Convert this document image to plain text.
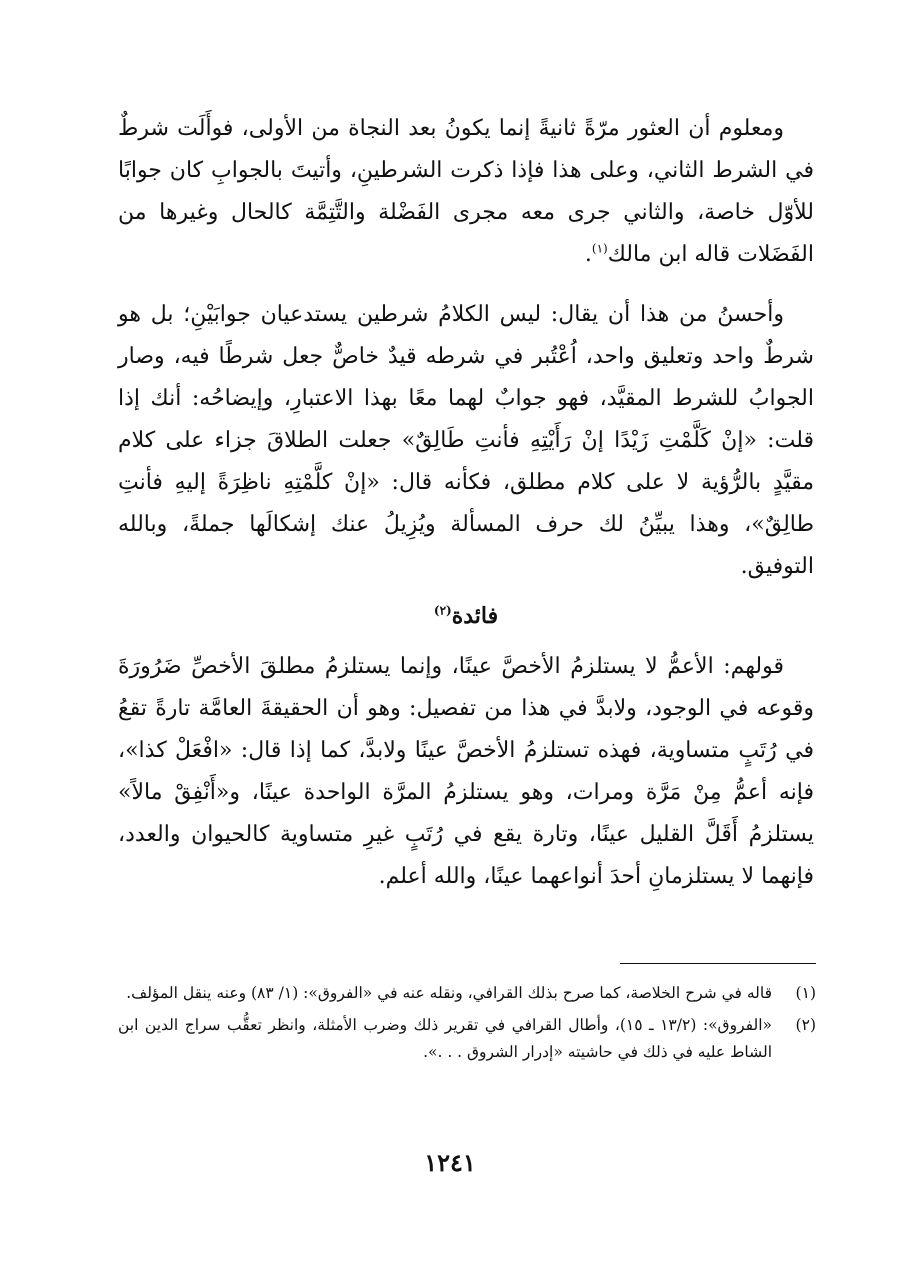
ومعلوم أن العثور مرّةً ثانيةً إنما يكونُ بعد النجاة من الأولى، فوأَلَت شرطٌ في الشرط الثاني، وعلى هذا فإذا ذكرت الشرطينِ، وأتيتَ بالجوابِ كان جوابًا للأوّل خاصة، والثاني جرى معه مجرى الفَضْلة والتَّتِمَّة كالحال وغيرها من الفَضَلات قاله ابن مالك$^{(١)}$.

وأحسنُ من هذا أن يقال: ليس الكلامُ شرطين يستدعيان جوابَيْنِ؛ بل هو شرطٌ واحد وتعليق واحد، اُعْتُبر في شرطه قيدٌ خاصٌّ جعل شرطًا فيه، وصار الجوابُ للشرط المقيَّد، فهو جوابٌ لهما معًا بهذا الاعتبارِ، وإيضاحُه: أنك إذا قلت: «إنْ كَلَّمْتِ زَيْدًا إنْ رَأَيْتِهِ فأنتِ طَالِقٌ» جعلت الطلاقَ جزاء على كلام مقيَّدٍ بالرُّؤية لا على كلام مطلق، فكأنه قال: «إنْ كلَّمْتِهِ ناظِرَةً إليهِ فأنتِ طالِقٌ»، وهذا يبيِّنُ لك حرف المسألة ويُزِيلُ عنك إشكالَها جملةً، وبالله التوفيق.

فائدة$^{(٢)}$

قولهم: الأعمُّ لا يستلزمُ الأخصَّ عينًا، وإنما يستلزمُ مطلقَ الأخصِّ ضَرُورَةَ وقوعه في الوجود، ولابدَّ في هذا من تفصيل: وهو أن الحقيقةَ العامَّة تارةً تقعُ في رُتَبٍ متساوية، فهذه تستلزمُ الأخصَّ عينًا ولابدَّ، كما إذا قال: «افْعَلْ كذا»، فإنه أعمُّ مِنْ مَرَّة ومرات، وهو يستلزمُ المرَّة الواحدة عينًا، و«أَنْفِقْ مالاً» يستلزمُ أَقَلَّ القليل عينًا، وتارة يقع في رُتَبٍ غيرِ متساوية كالحيوان والعدد، فإنهما لا يستلزمانِ أحدَ أنواعهما عينًا، والله أعلم.

(١)
قاله في شرح الخلاصة، كما صرح بذلك القرافي، ونقله عنه في «الفروق»: (١/ ٨٣) وعنه ينقل المؤلف.
(٢)
«الفروق»: (١٣/٢ ـ ١٥)، وأطال القرافي في تقرير ذلك وضرب الأمثلة، وانظر تعقُّب سراج الدين ابن الشاط عليه في ذلك في حاشيته «إدرار الشروق . . .».
١٢٤١
